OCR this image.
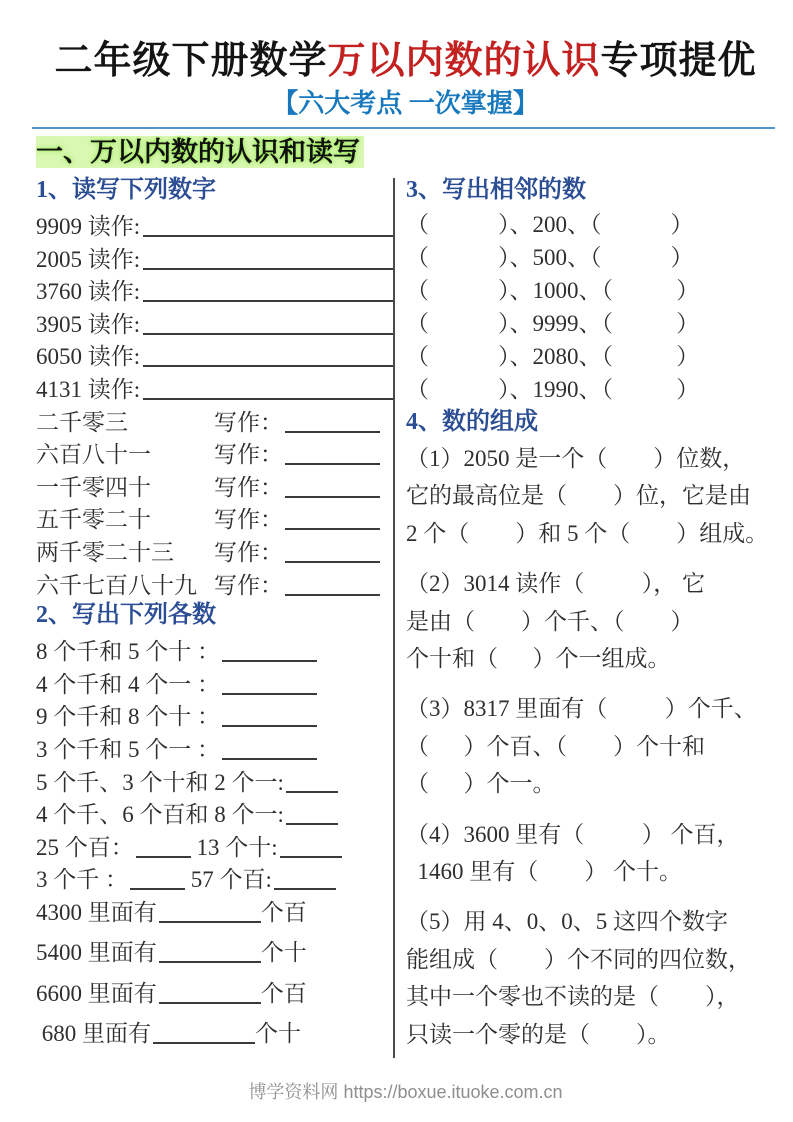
二年级下册数学万以内数的认识专项提优
【六大考点 一次掌握】
一、万以内数的认识和读写
1、读写下列数字
9909 读作:
2005 读作:
3760 读作:
3905 读作:
6050 读作:
4131 读作:
二千零三	写作：
六百八十一	写作：
一千零四十	写作：
五千零二十	写作：
两千零二十三	写作：
六千七百八十九 写作：
2、写出下列各数
8 个千和 5 个十 ：
4 个千和 4 个一 ：
9 个千和 8 个十 ：
3 个千和 5 个一 ：
5 个千、3 个十和 2 个一:
4 个千、6 个百和 8 个一:
25 个百： 13 个十:
3 个千 ： 57 个百:
4300 里面有	个百
5400 里面有	个十
6600 里面有	个百
680 里面有	个十
3、写出相邻的数
（            ）、200、（            ）
（            ）、500、（            ）
（            ）、1000、（           ）
（            ）、9999、（           ）
（            ）、2080、（           ）
（            ）、1990、（           ）
4、数的组成
（1）2050 是一个（        ）位数，
它的最高位是（        ）位，它是由
2 个（        ）和 5 个（        ）组成。
（2）3014 读作（          ）， 它
是由（        ）个千、（        ）
个十和（      ）个一组成。
（3）8317 里面有（          ）个千、
（      ）个百、（        ）个十和
（      ）个一。
（4）3600 里有（          ） 个百，
1460 里有（        ） 个十。
（5）用 4、0、0、5 这四个数字
能组成（        ）个不同的四位数，
其中一个零也不读的是（        ），
只读一个零的是（        ）。
博学资料网 https://boxue.ituoke.com.cn
